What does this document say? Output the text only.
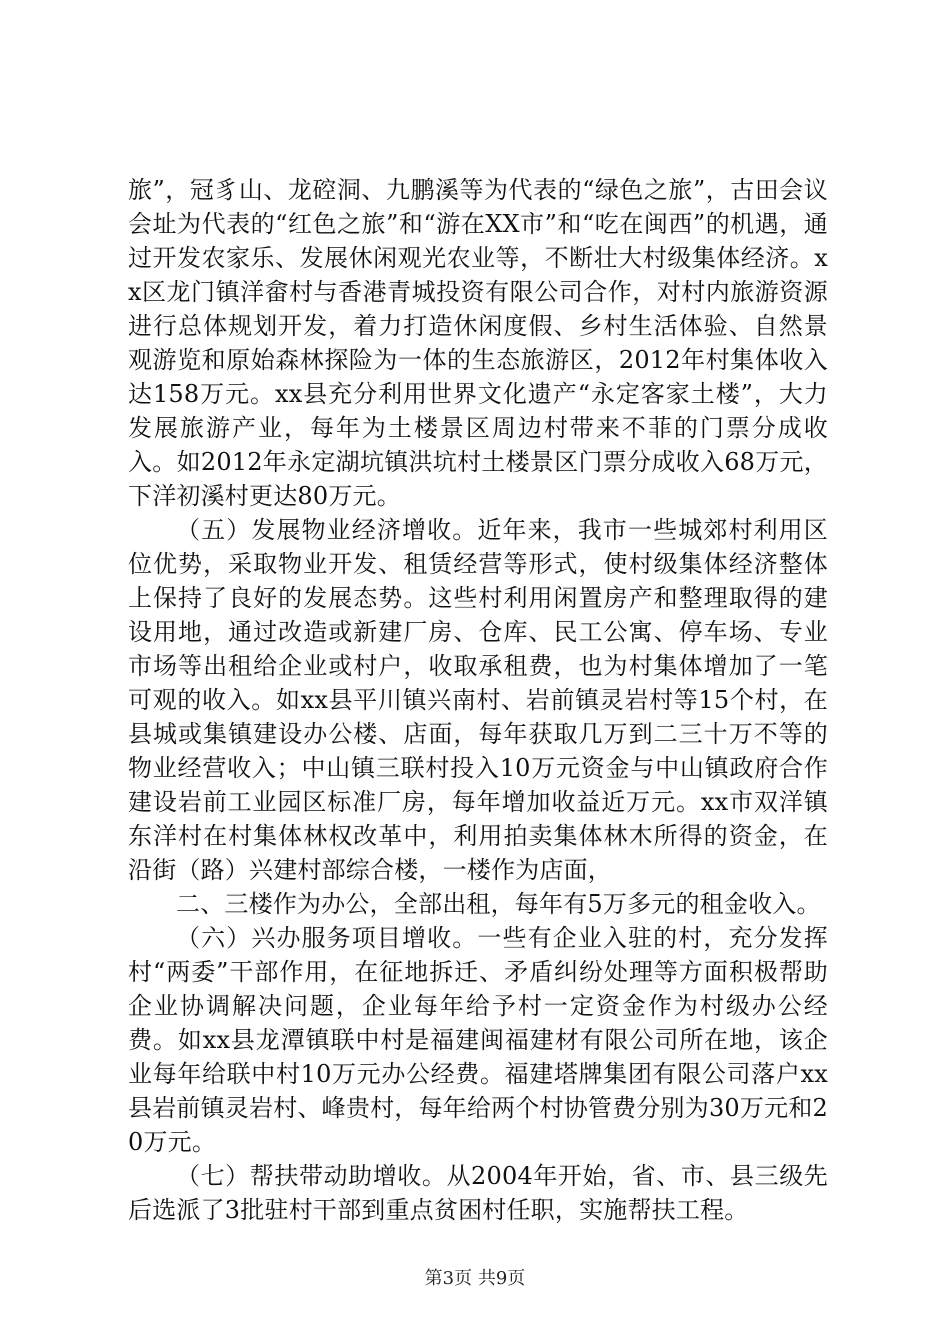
旅”，冠豸山、龙硿洞、九鹏溪等为代表的“绿色之旅”，古田会议会址为代表的“红色之旅”和“游在XX市”和“吃在闽西”的机遇，通过开发农家乐、发展休闲观光农业等，不断壮大村级集体经济。xx区龙门镇洋畲村与香港青城投资有限公司合作，对村内旅游资源进行总体规划开发，着力打造休闲度假、乡村生活体验、自然景观游览和原始森林探险为一体的生态旅游区，2012年村集体收入达158万元。xx县充分利用世界文化遗产“永定客家土楼”，大力发展旅游产业，每年为土楼景区周边村带来不菲的门票分成收入。如2012年永定湖坑镇洪坑村土楼景区门票分成收入68万元，下洋初溪村更达80万元。

（五）发展物业经济增收。近年来，我市一些城郊村利用区位优势，采取物业开发、租赁经营等形式，使村级集体经济整体上保持了良好的发展态势。这些村利用闲置房产和整理取得的建设用地，通过改造或新建厂房、仓库、民工公寓、停车场、专业市场等出租给企业或村户，收取承租费，也为村集体增加了一笔可观的收入。如xx县平川镇兴南村、岩前镇灵岩村等15个村，在县城或集镇建设办公楼、店面，每年获取几万到二三十万不等的物业经营收入；中山镇三联村投入10万元资金与中山镇政府合作建设岩前工业园区标准厂房，每年增加收益近万元。xx市双洋镇东洋村在村集体林权改革中，利用拍卖集体林木所得的资金，在沿街（路）兴建村部综合楼，一楼作为店面，

二、三楼作为办公，全部出租，每年有5万多元的租金收入。

（六）兴办服务项目增收。一些有企业入驻的村，充分发挥村“两委”干部作用，在征地拆迁、矛盾纠纷处理等方面积极帮助企业协调解决问题，企业每年给予村一定资金作为村级办公经费。如xx县龙潭镇联中村是福建闽福建材有限公司所在地，该企业每年给联中村10万元办公经费。福建塔牌集团有限公司落户xx县岩前镇灵岩村、峰贵村，每年给两个村协管费分别为30万元和20万元。

（七）帮扶带动助增收。从2004年开始，省、市、县三级先后选派了3批驻村干部到重点贫困村任职，实施帮扶工程。

第3页 共9页
